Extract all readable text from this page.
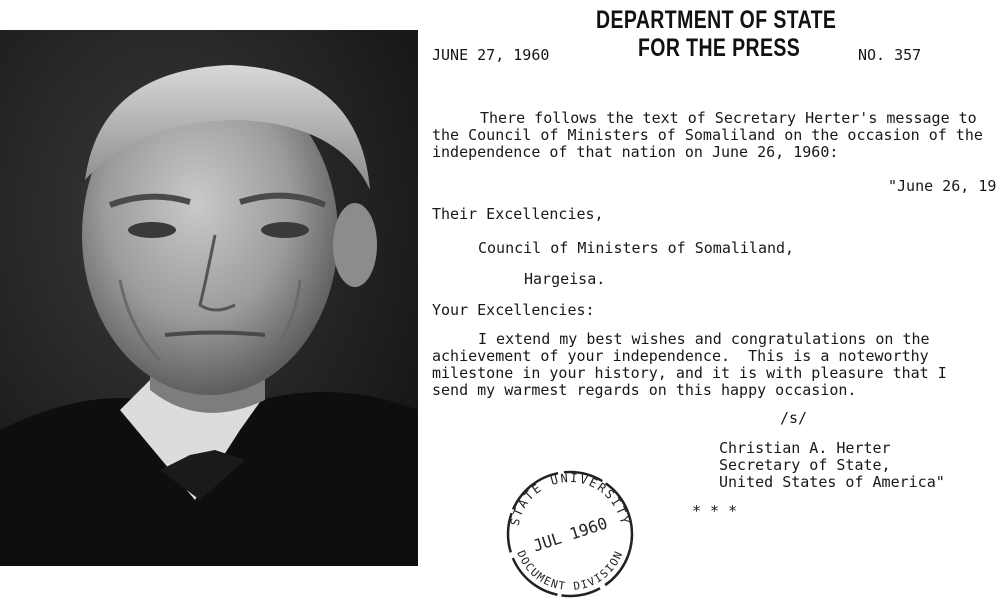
DEPARTMENT OF STATE
FOR THE PRESS
JUNE 27, 1960	NO. 357
There follows the text of Secretary Herter's message to
the Council of Ministers of Somaliland on the occasion of the
independence of that nation on June 26, 1960:
"June 26, 19
Their Excellencies,
Council of Ministers of Somaliland,
Hargeisa.
Your Excellencies:
I extend my best wishes and congratulations on the
achievement of your independence.  This is a noteworthy
milestone in your history, and it is with pleasure that I
send my warmest regards on this happy occasion.
/s/
Christian A. Herter
Secretary of State,
United States of America"
* * *
STATE UNIVERSITY
DOCUMENT DIVISION
JUL 1960
